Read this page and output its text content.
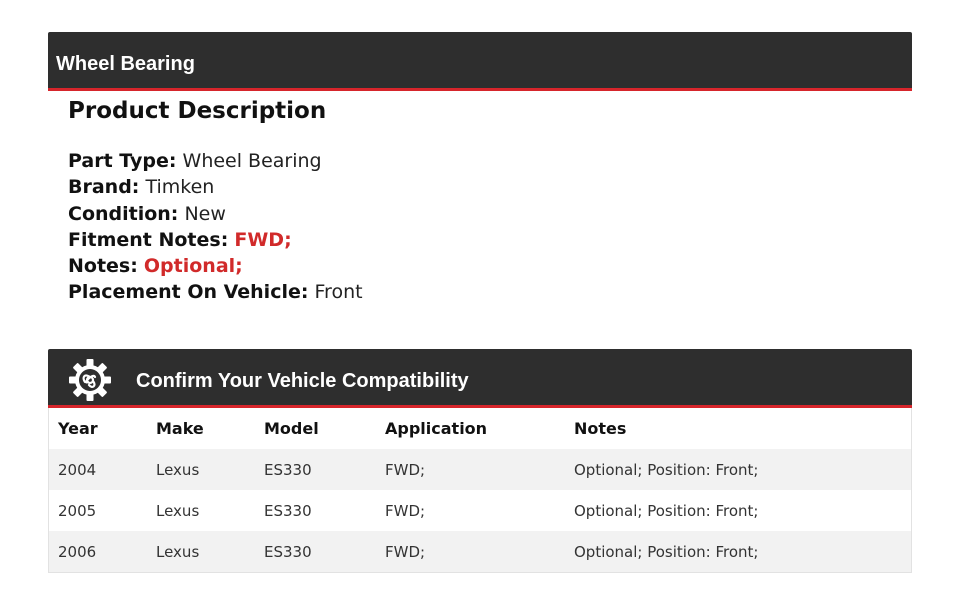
Wheel Bearing
Product Description
Part Type: Wheel Bearing
Brand: Timken
Condition: New
Fitment Notes: FWD;
Notes: Optional;
Placement On Vehicle: Front
Confirm Your Vehicle Compatibility
Year	Make	Model	Application	Notes
2004	Lexus	ES330	FWD;	Optional; Position: Front;
2005	Lexus	ES330	FWD;	Optional; Position: Front;
2006	Lexus	ES330	FWD;	Optional; Position: Front;
